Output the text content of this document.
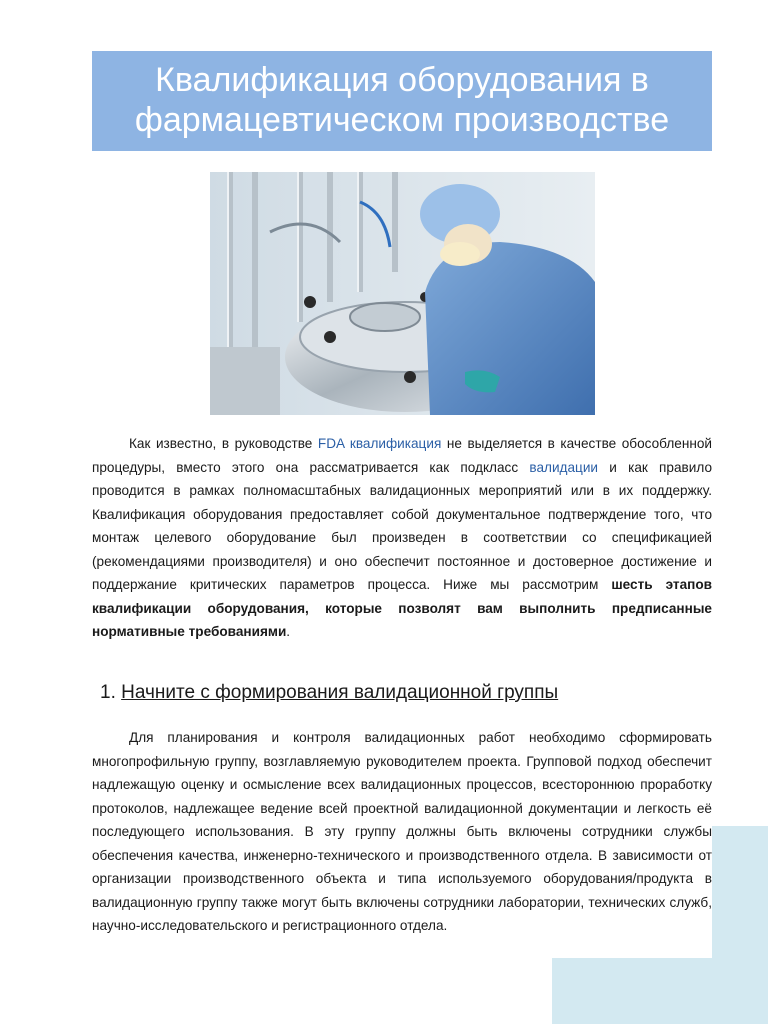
Квалификация оборудования в
фармацевтическом производстве

Как известно, в руководстве FDA квалификация не выделяется в качестве обособленной процедуры, вместо этого она рассматривается как подкласс валидации и как правило проводится в рамках полномасштабных валидационных мероприятий или в их поддержку. Квалификация оборудования предоставляет собой документальное подтверждение того, что монтаж целевого оборудование был произведен в соответствии со спецификацией (рекомендациями производителя) и оно обеспечит постоянное и достоверное достижение и поддержание критических параметров процесса. Ниже мы рассмотрим шесть этапов квалификации оборудования, которые позволят вам выполнить предписанные нормативные требованиями.

1. Начните с формирования валидационной группы

Для планирования и контроля валидационных работ необходимо сформировать многопрофильную группу, возглавляемую руководителем проекта. Групповой подход обеспечит надлежащую оценку и осмысление всех валидационных процессов, всестороннюю проработку протоколов, надлежащее ведение всей проектной валидационной документации и легкость её последующего использования. В эту группу должны быть включены сотрудники службы обеспечения качества, инженерно-технического и производственного отдела. В зависимости от организации производственного объекта и типа используемого оборудования/продукта в валидационную группу также могут быть включены сотрудники лаборатории, технических служб, научно-исследовательского и регистрационного отдела.
